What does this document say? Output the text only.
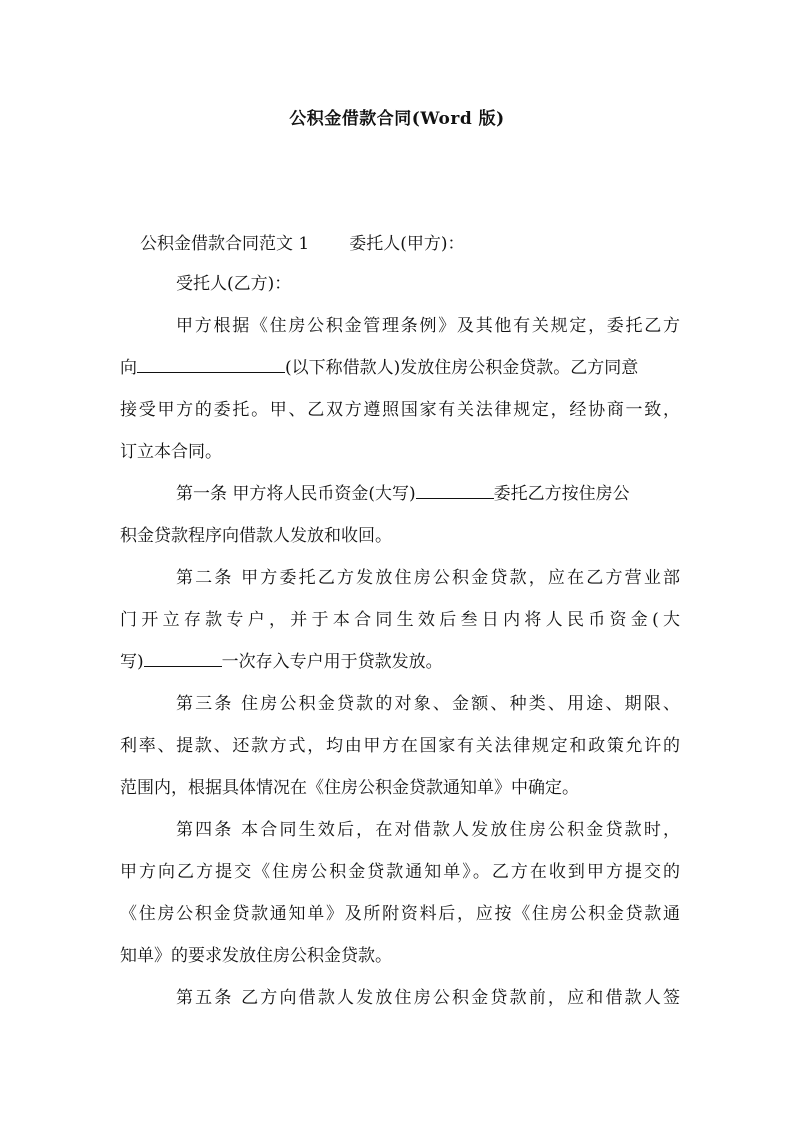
公积金借款合同(Word 版)
公积金借款合同范文 1 委托人(甲方)：
受托人(乙方)：
甲方根据《住房公积金管理条例》及其他有关规定，委托乙方
向	(以下称借款人)发放住房公积金贷款。乙方同意
接受甲方的委托。甲、乙双方遵照国家有关法律规定，经协商一致，
订立本合同。
第一条 甲方将人民币资金(大写)	委托乙方按住房公
积金贷款程序向借款人发放和收回。
第二条 甲方委托乙方发放住房公积金贷款，应在乙方营业部
门开立存款专户，并于本合同生效后叁日内将人民币资金(大
写)	一次存入专户用于贷款发放。
第三条 住房公积金贷款的对象、金额、种类、用途、期限、
利率、提款、还款方式，均由甲方在国家有关法律规定和政策允许的
范围内，根据具体情况在《住房公积金贷款通知单》中确定。
第四条 本合同生效后，在对借款人发放住房公积金贷款时，
甲方向乙方提交《住房公积金贷款通知单》。乙方在收到甲方提交的
《住房公积金贷款通知单》及所附资料后，应按《住房公积金贷款通
知单》的要求发放住房公积金贷款。
第五条 乙方向借款人发放住房公积金贷款前，应和借款人签
